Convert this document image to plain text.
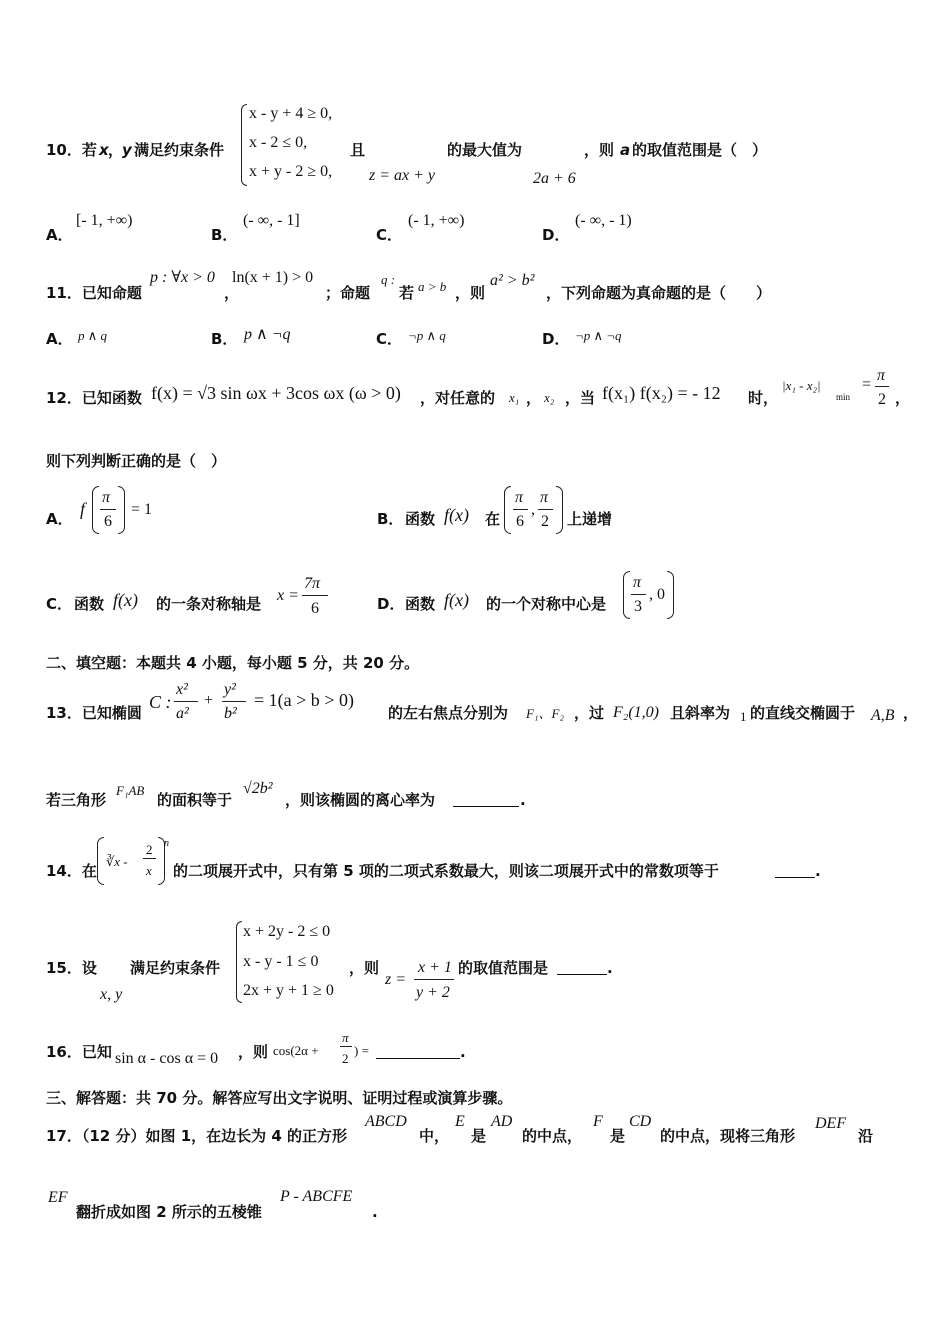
10．若 x ，
y 满足约束条件
x - y + 4 ≥ 0,
x - 2 ≤ 0,
x + y - 2 ≥ 0,
且
z = ax + y
的最大值为
2a + 6
，则 a 的取值范围是（　）
A．
[- 1, +∞)
B．
(- ∞, - 1]
C．
(- 1, +∞)
D．
(- ∞, - 1)
11．已知命题
p : ∀x > 0
，
ln(x + 1) > 0
；命题
q :
若 a > b ，则
a² > b²
，下列命题为真命题的是（　　）
A． p ∧ q	B． p ∧ ¬q	C． ¬p ∧ q	D． ¬p ∧ ¬q
12．已知函数 f(x) = √3 sin ωx + 3cos ωx (ω > 0) ，对任意的 x₁ ， x₂ ，当 f(x₁) f(x₂) = - 12 时，
|x₁ - x₂|
min
=
π
2 ，
则下列判断正确的是（　）
A． f
π
6
= 1
B． 函数 f(x) 在
π
6
,
π
2 上递增
C． 函数 f(x) 的一条对称轴是 x =
7π
6	D． 函数 f(x) 的一个对称中心是
π
3
, 0
二、填空题：本题共 4 小题，每小题 5 分，共 20 分。
13．已知椭圆
C :
x²
a²
+
y²
b²
= 1(a > b > 0)
的左右焦点分别为 F₁、F₂ ，过 F₂(1,0) 且斜率为 1 的直线交椭圆于 A,B ，
若三角形
F₁AB
的面积等于
√2b²
，则该椭圆的离心率为	.
14．在
∛x -
2
x
n
的二项展开式中，只有第 5 项的二项式系数最大，则该二项展开式中的常数项等于	.
15．设
x, y
满足约束条件
x + 2y - 2 ≤ 0
x - y - 1 ≤ 0
2x + y + 1 ≥ 0
，则
z =
x + 1
y + 2
的取值范围是	.
16．已知 sin α - cos α = 0 ，则 cos(2α +
π
2
) =	.
三、解答题：共 70 分。解答应写出文字说明、证明过程或演算步骤。
17．（12 分）如图 1，在边长为 4 的正方形
ABCD
中，
E
是
AD
的中点，
F
是
CD
的中点，现将三角形
DEF
沿
EF
翻折成如图 2 所示的五棱锥
P - ABCFE
.
